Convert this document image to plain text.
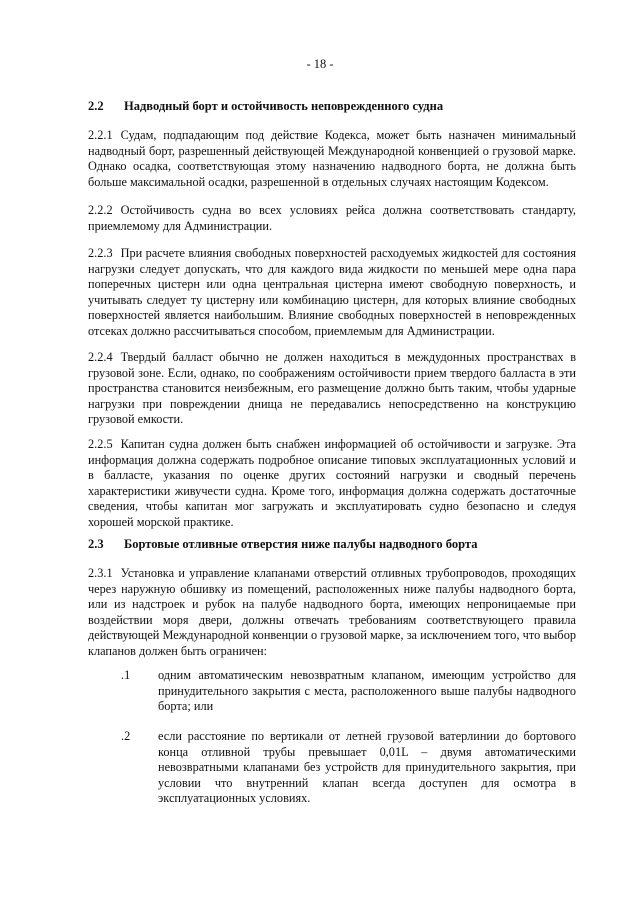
- 18 -
2.2 Надводный борт и остойчивость неповрежденного судна

2.2.1 Судам, подпадающим под действие Кодекса, может быть назначен минимальный надводный борт, разрешенный действующей Международной конвенцией о грузовой марке. Однако осадка, соответствующая этому назначению надводного борта, не должна быть больше максимальной осадки, разрешенной в отдельных случаях настоящим Кодексом.

2.2.2 Остойчивость судна во всех условиях рейса должна соответствовать стандарту, приемлемому для Администрации.

2.2.3 При расчете влияния свободных поверхностей расходуемых жидкостей для состояния нагрузки следует допускать, что для каждого вида жидкости по меньшей мере одна пара поперечных цистерн или одна центральная цистерна имеют свободную поверхность, и учитывать следует ту цистерну или комбинацию цистерн, для которых влияние свободных поверхностей является наибольшим. Влияние свободных поверхностей в неповрежденных отсеках должно рассчитываться способом, приемлемым для Администрации.

2.2.4 Твердый балласт обычно не должен находиться в междудонных пространствах в грузовой зоне. Если, однако, по соображениям остойчивости прием твердого балласта в эти пространства становится неизбежным, его размещение должно быть таким, чтобы ударные нагрузки при повреждении днища не передавались непосредственно на конструкцию грузовой емкости.

2.2.5 Капитан судна должен быть снабжен информацией об остойчивости и загрузке. Эта информация должна содержать подробное описание типовых эксплуатационных условий и в балласте, указания по оценке других состояний нагрузки и сводный перечень характеристики живучести судна. Кроме того, информация должна содержать достаточные сведения, чтобы капитан мог загружать и эксплуатировать судно безопасно и следуя хорошей морской практике.

2.3 Бортовые отливные отверстия ниже палубы надводного борта

2.3.1 Установка и управление клапанами отверстий отливных трубопроводов, проходящих через наружную обшивку из помещений, расположенных ниже палубы надводного борта, или из надстроек и рубок на палубе надводного борта, имеющих непроницаемые при воздействии моря двери, должны отвечать требованиям соответствующего правила действующей Международной конвенции о грузовой марке, за исключением того, что выбор клапанов должен быть ограничен:

.1 одним автоматическим невозвратным клапаном, имеющим устройство для принудительного закрытия с места, расположенного выше палубы надводного борта; или

.2 если расстояние по вертикали от летней грузовой ватерлинии до бортового конца отливной трубы превышает 0,01L – двумя автоматическими невозвратными клапанами без устройств для принудительного закрытия, при условии что внутренний клапан всегда доступен для осмотра в эксплуатационных условиях.
